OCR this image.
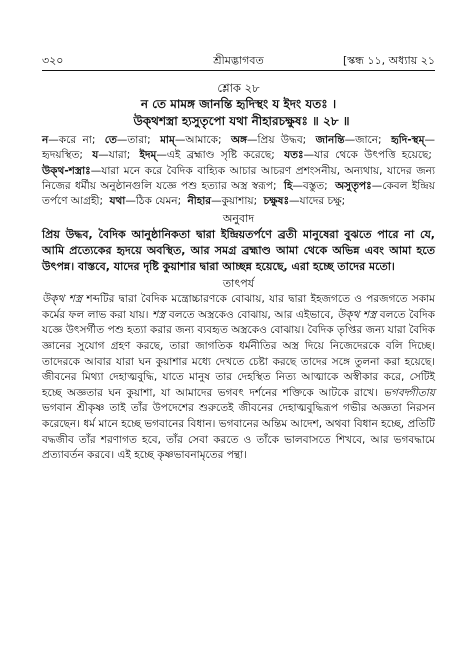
৩২০	শ্রীমদ্ভাগবত	[স্কন্ধ ১১, অধ্যায় ২১
শ্লোক ২৮
ন তে মামঙ্গ জানন্তি হৃদিস্থং য ইদং যতঃ ।
উক্থশস্ত্রা হ্যসুতৃপো যথা নীহারচক্ষুষঃ ॥ ২৮ ॥
ন—করে না; তে—তারা; মাম্—আমাকে; অঙ্গ—প্রিয় উদ্ধব; জানন্তি—জানে; হৃদি-স্থম্—হৃদয়স্থিত; য—যারা; ইদম্—এই ব্রহ্মাণ্ড সৃষ্টি করেছে; যতঃ—যার থেকে উৎপত্তি হয়েছে; উক্থ-শস্ত্রাঃ—যারা মনে করে বৈদিক বাহ্যিক আচার আচরণ প্রশংসনীয়, অন্যথায়, যাদের জন্য নিজের ধর্মীয় অনুষ্ঠানগুলি যজ্ঞে পশু হত্যার অস্ত্র স্বরূপ; হি—বস্তুত; অসুতৃপঃ—কেবল ইন্দ্রিয় তর্পণে আগ্রহী; যথা—ঠিক যেমন; নীহার—কুয়াশায়; চক্ষুষঃ—যাদের চক্ষু;
অনুবাদ
প্রিয় উদ্ধব, বৈদিক আনুষ্ঠানিকতা দ্বারা ইন্দ্রিয়তর্পণে ব্রতী মানুষেরা বুঝতে পারে না যে, আমি প্রত্যেকের হৃদয়ে অবস্থিত, আর সমগ্র ব্রহ্মাণ্ড আমা থেকে অভিন্ন এবং আমা হতে উৎপন্ন। বাস্তবে, যাদের দৃষ্টি কুয়াশার দ্বারা আচ্ছন্ন হয়েছে, এরা হচ্ছে তাদের মতো।
তাৎপর্য
উক্থ শস্ত্র শব্দটির দ্বারা বৈদিক মন্ত্রোচ্চারণকে বোঝায়, যার দ্বারা ইহজগতে ও পরজগতে সকাম কর্মের ফল লাভ করা যায়। শস্ত্র বলতে অস্ত্রকেও বোঝায়, আর এইভাবে, উক্থ শস্ত্র বলতে বৈদিক যজ্ঞে উৎসর্গীত পশু হত্যা করার জন্য ব্যবহৃত অস্ত্রকেও বোঝায়। বৈদিক তৃপ্তির জন্য যারা বৈদিক জ্ঞানের সুযোগ গ্রহণ করছে, তারা জাগতিক ধর্মনীতির অস্ত্র দিয়ে নিজেদেরকে বলি দিচ্ছে। তাদেরকে আবার যারা ঘন কুয়াশার মধ্যে দেখতে চেষ্টা করছে তাদের সঙ্গে তুলনা করা হয়েছে। জীবনের মিথ্যা দেহাত্মবুদ্ধি, যাতে মানুষ তার দেহস্থিত নিত্য আত্মাকে অস্বীকার করে, সেটিই হচ্ছে অজ্ঞতার ঘন কুয়াশা, যা আমাদের ভগবৎ দর্শনের শক্তিকে আটকে রাখে। ভগবদ্গীতায় ভগবান শ্রীকৃষ্ণ তাই তাঁর উপদেশের শুরুতেই জীবনের দেহাত্মবুদ্ধিরূপ গভীর অজ্ঞতা নিরসন করেছেন। ধর্ম মানে হচ্ছে ভগবানের বিধান। ভগবানের অন্তিম আদেশ, অথবা বিধান হচ্ছে, প্রতিটি বদ্ধজীব তাঁর শরণাগত হবে, তাঁর সেবা করতে ও তাঁকে ভালবাসতে শিখবে, আর ভগবদ্ধামে প্রত্যাবর্তন করবে। এই হচ্ছে কৃষ্ণভাবনামৃতের পন্থা।
